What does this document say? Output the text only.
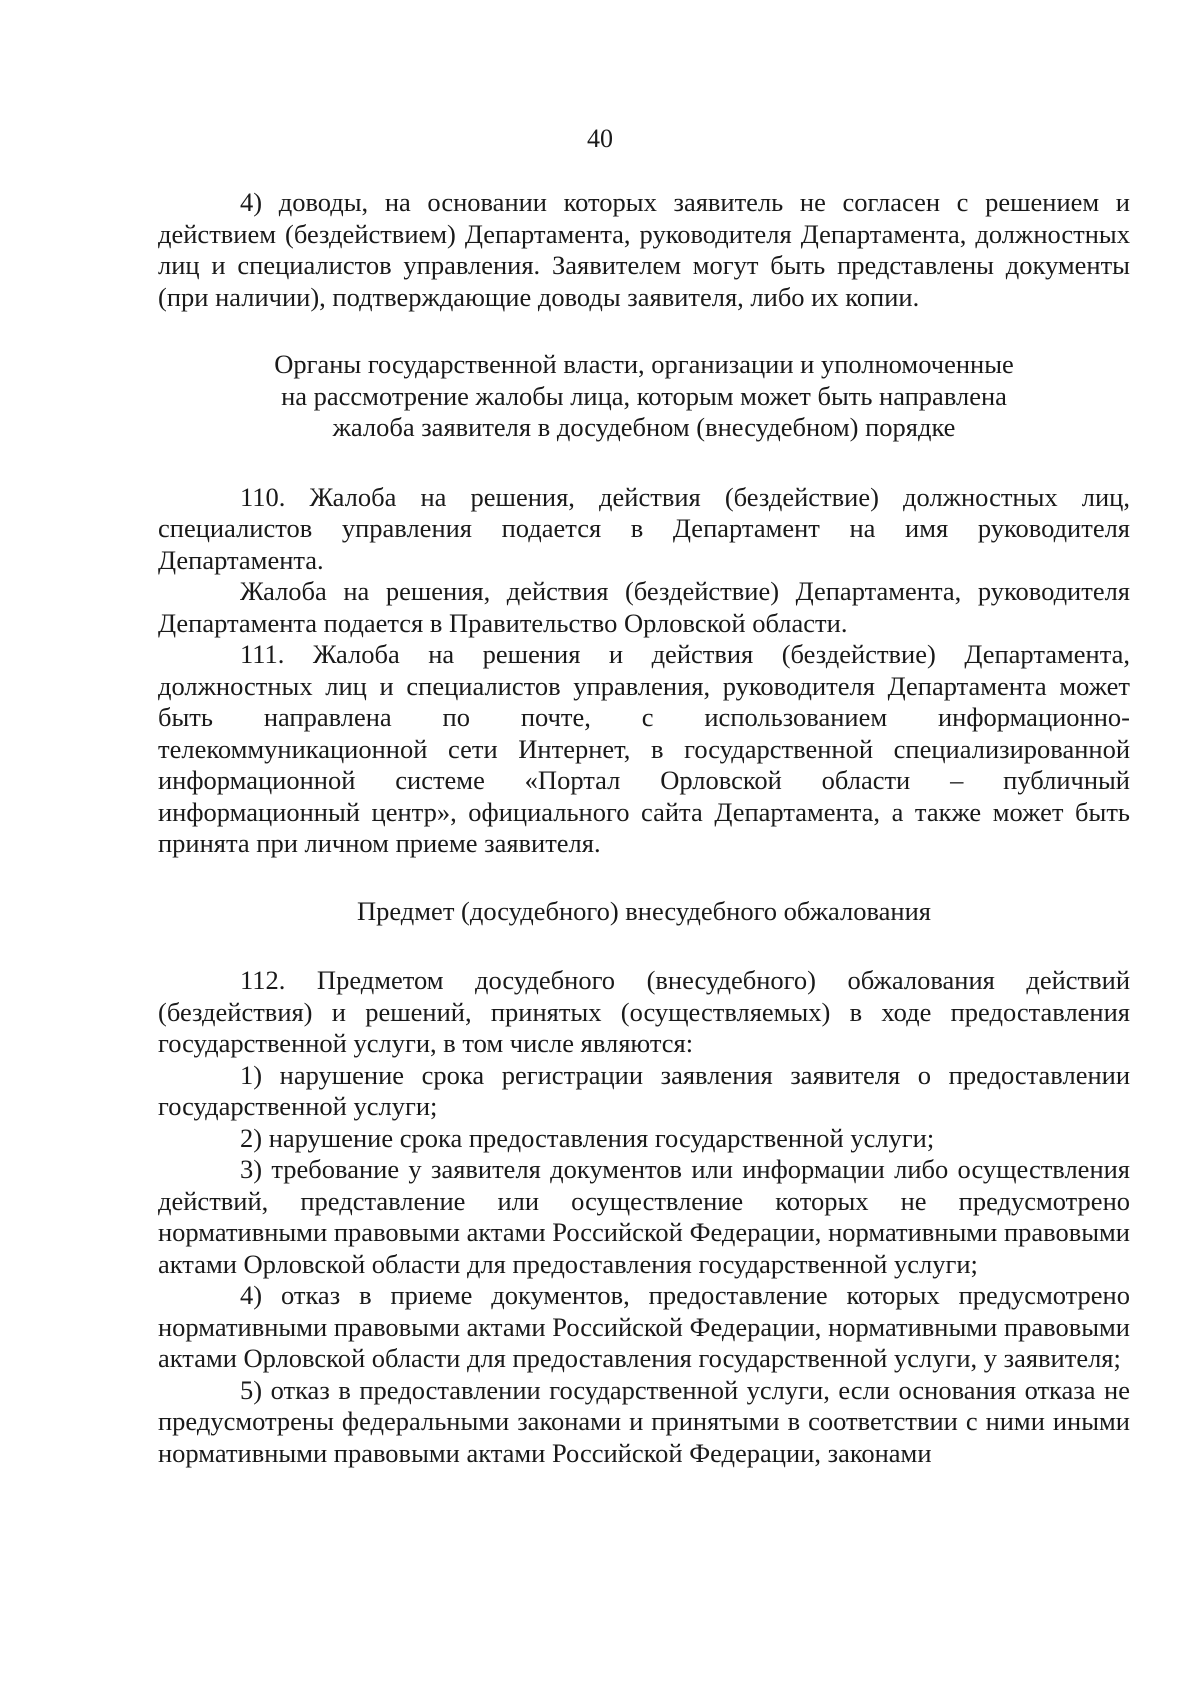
40

4) доводы, на основании которых заявитель не согласен с решением и действием (бездействием) Департамента, руководителя Департамента, должностных лиц и специалистов управления. Заявителем могут быть представлены документы (при наличии), подтверждающие доводы заявителя, либо их копии.

Органы государственной власти, организации и уполномоченные
на рассмотрение жалобы лица, которым может быть направлена
жалоба заявителя в досудебном (внесудебном) порядке

110. Жалоба на решения, действия (бездействие) должностных лиц, специалистов управления подается в Департамент на имя руководителя Департамента.

Жалоба на решения, действия (бездействие) Департамента, руководителя Департамента подается в Правительство Орловской области.

111. Жалоба на решения и действия (бездействие) Департамента, должностных лиц и специалистов управления, руководителя Департамента может быть направлена по почте, с использованием информационно-телекоммуникационной сети Интернет, в государственной специализированной информационной системе «Портал Орловской области – публичный информационный центр», официального сайта Департамента, а также может быть принята при личном приеме заявителя.

Предмет (досудебного) внесудебного обжалования

112. Предметом досудебного (внесудебного) обжалования действий (бездействия) и решений, принятых (осуществляемых) в ходе предоставления государственной услуги, в том числе являются:

1) нарушение срока регистрации заявления заявителя о предоставлении государственной услуги;

2) нарушение срока предоставления государственной услуги;

3) требование у заявителя документов или информации либо осуществления действий, представление или осуществление которых не предусмотрено нормативными правовыми актами Российской Федерации, нормативными правовыми актами Орловской области для предоставления государственной услуги;

4) отказ в приеме документов, предоставление которых предусмотрено нормативными правовыми актами Российской Федерации, нормативными правовыми актами Орловской области для предоставления государственной услуги, у заявителя;

5) отказ в предоставлении государственной услуги, если основания отказа не предусмотрены федеральными законами и принятыми в соответствии с ними иными нормативными правовыми актами Российской Федерации, законами
